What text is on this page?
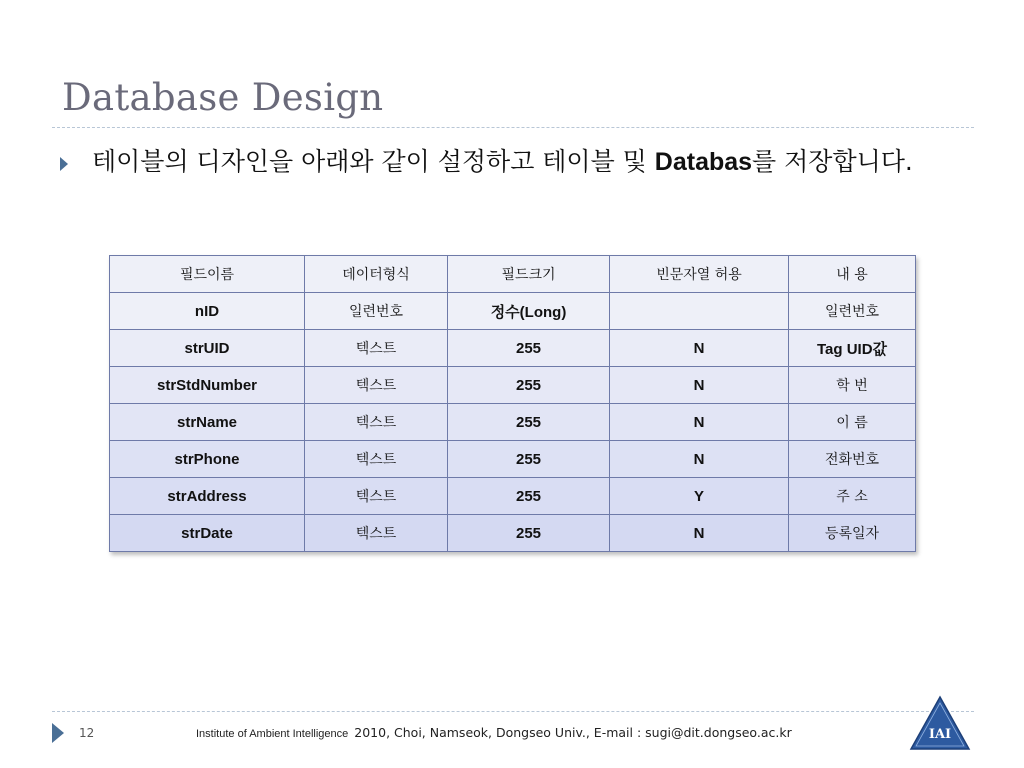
Database Design
테이블의 디자인을 아래와 같이 설정하고 테이블 및 Databas를 저장합니다.
필드이름	데이터형식	필드크기	빈문자열 허용	내 용
nID	일련번호	정수(Long)		일련번호
strUID	텍스트	255	N	Tag UID값
strStdNumber	텍스트	255	N	학 번
strName	텍스트	255	N	이 름
strPhone	텍스트	255	N	전화번호
strAddress	텍스트	255	Y	주 소
strDate	텍스트	255	N	등록일자
12	Institute of Ambient Intelligence 2010, Choi, Namseok, Dongseo Univ., E-mail : sugi@dit.dongseo.ac.kr	IAI
